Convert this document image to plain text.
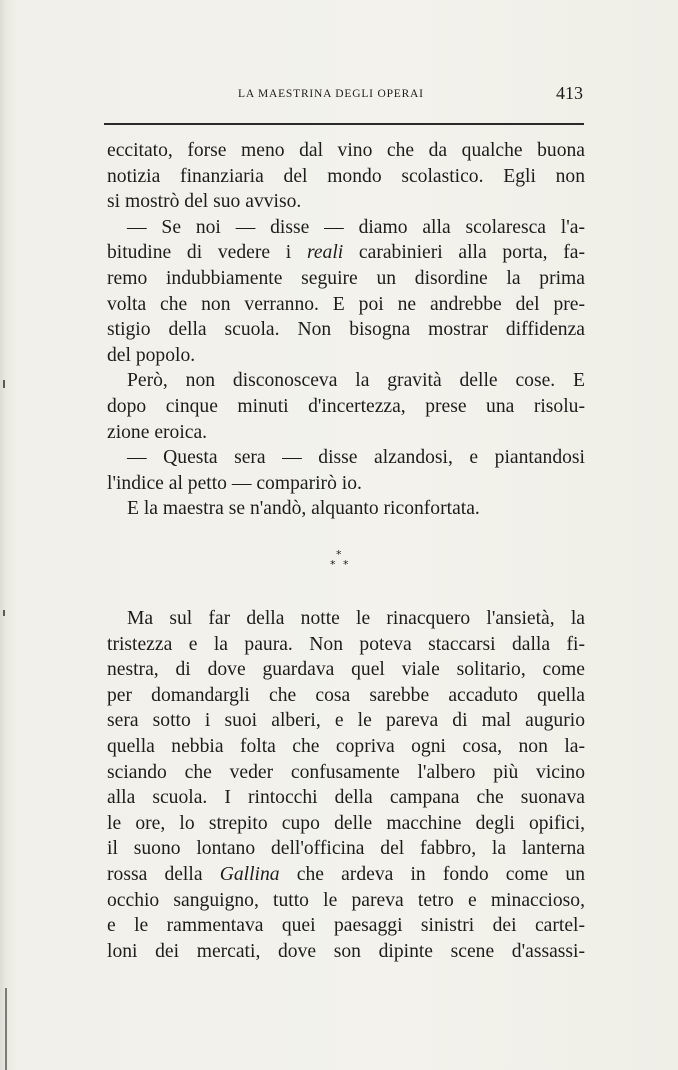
LA MAESTRINA DEGLI OPERAI	413
eccitato, forse meno dal vino che da qualche buona
notizia finanziaria del mondo scolastico. Egli non
si mostrò del suo avviso.
— Se noi — disse — diamo alla scolaresca l'a-
bitudine di vedere i reali carabinieri alla porta, fa-
remo indubbiamente seguire un disordine la prima
volta che non verranno. E poi ne andrebbe del pre-
stigio della scuola. Non bisogna mostrar diffidenza
del popolo.
Però, non disconosceva la gravità delle cose. E
dopo cinque minuti d'incertezza, prese una risolu-
zione eroica.
— Questa sera — disse alzandosi, e piantandosi
l'indice al petto — comparirò io.
E la maestra se n'andò, alquanto riconfortata.
*
* *
Ma sul far della notte le rinacquero l'ansietà, la
tristezza e la paura. Non poteva staccarsi dalla fi-
nestra, di dove guardava quel viale solitario, come
per domandargli che cosa sarebbe accaduto quella
sera sotto i suoi alberi, e le pareva di mal augurio
quella nebbia folta che copriva ogni cosa, non la-
sciando che veder confusamente l'albero più vicino
alla scuola. I rintocchi della campana che suonava
le ore, lo strepito cupo delle macchine degli opifici,
il suono lontano dell'officina del fabbro, la lanterna
rossa della Gallina che ardeva in fondo come un
occhio sanguigno, tutto le pareva tetro e minaccioso,
e le rammentava quei paesaggi sinistri dei cartel-
loni dei mercati, dove son dipinte scene d'assassi-
